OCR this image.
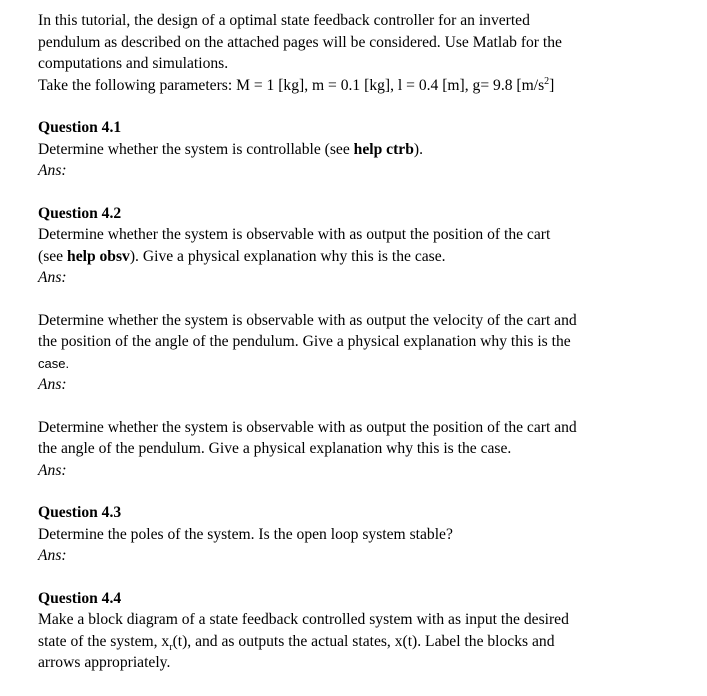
In this tutorial, the design of a optimal state feedback controller for an inverted

pendulum as described on the attached pages will be considered. Use Matlab for the

computations and simulations.

Take the following parameters: M = 1 [kg], m = 0.1 [kg], l = 0.4 [m], g= 9.8 $[m/s^2]$

Question 4.1

Determine whether the system is controllable (see help ctrb).

Ans:

Question 4.2

Determine whether the system is observable with as output the position of the cart

(see help obsv). Give a physical explanation why this is the case.

Ans:

Determine whether the system is observable with as output the velocity of the cart and

the position of the angle of the pendulum. Give a physical explanation why this is the

case.

Ans:

Determine whether the system is observable with as output the position of the cart and

the angle of the pendulum. Give a physical explanation why this is the case.

Ans:

Question 4.3

Determine the poles of the system. Is the open loop system stable?

Ans:

Question 4.4

Make a block diagram of a state feedback controlled system with as input the desired

state of the system, $x_r(t)$, and as outputs the actual states, x(t). Label the blocks and

arrows appropriately.
